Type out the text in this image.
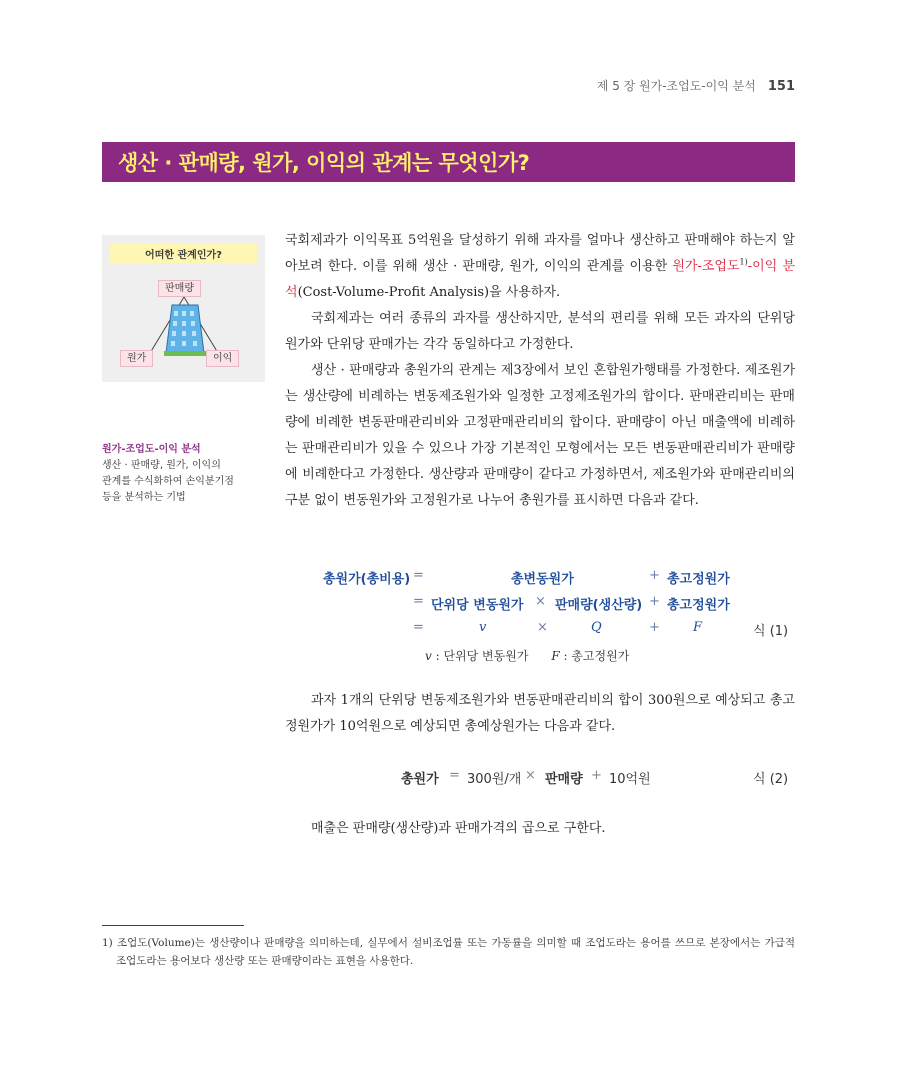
제 5 장 원가-조업도-이익 분석 151
생산 · 판매량, 원가, 이익의 관계는 무엇인가?
어떠한 관계인가?
판매량
원가	이익
원가-조업도-이익 분석
생산 · 판매량, 원가, 이익의
관계를 수식화하여 손익분기점
등을 분석하는 기법

국회제과가 이익목표 5억원을 달성하기 위해 과자를 얼마나 생산하고 판매해야 하는지 알아보려 한다. 이를 위해 생산 · 판매량, 원가, 이익의 관계를 이용한 원가-조업도$^{1)}$-이익 분석(Cost-Volume-Profit Analysis)을 사용하자.

국회제과는 여러 종류의 과자를 생산하지만, 분석의 편리를 위해 모든 과자의 단위당 원가와 단위당 판매가는 각각 동일하다고 가정한다.

생산 · 판매량과 총원가의 관계는 제3장에서 보인 혼합원가행태를 가정한다. 제조원가는 생산량에 비례하는 변동제조원가와 일정한 고정제조원가의 합이다. 판매관리비는 판매량에 비례한 변동판매관리비와 고정판매관리비의 합이다. 판매량이 아닌 매출액에 비례하는 판매관리비가 있을 수 있으나 가장 기본적인 모형에서는 모든 변동판매관리비가 판매량에 비례한다고 가정한다. 생산량과 판매량이 같다고 가정하면서, 제조원가와 판매관리비의 구분 없이 변동원가와 고정원가로 나누어 총원가를 표시하면 다음과 같다.

총원가(총비용) =	총변동원가	+ 총고정원가
= 단위당 변동원가 × 판매량(생산량) + 총고정원가
=	v	×	Q	+	F	식 (1)
v : 단위당 변동원가 F : 총고정원가

과자 1개의 단위당 변동제조원가와 변동판매관리비의 합이 300원으로 예상되고 총고정원가가 10억원으로 예상되면 총예상원가는 다음과 같다.

총원가 = 300원/개 × 판매량 + 10억원	식 (2)

매출은 판매량(생산량)과 판매가격의 곱으로 구한다.

1) 조업도(Volume)는 생산량이나 판매량을 의미하는데, 실무에서 설비조업률 또는 가동률을 의미할 때 조업도라는 용어를 쓰므로 본장에서는 가급적 조업도라는 용어보다 생산량 또는 판매량이라는 표현을 사용한다.
